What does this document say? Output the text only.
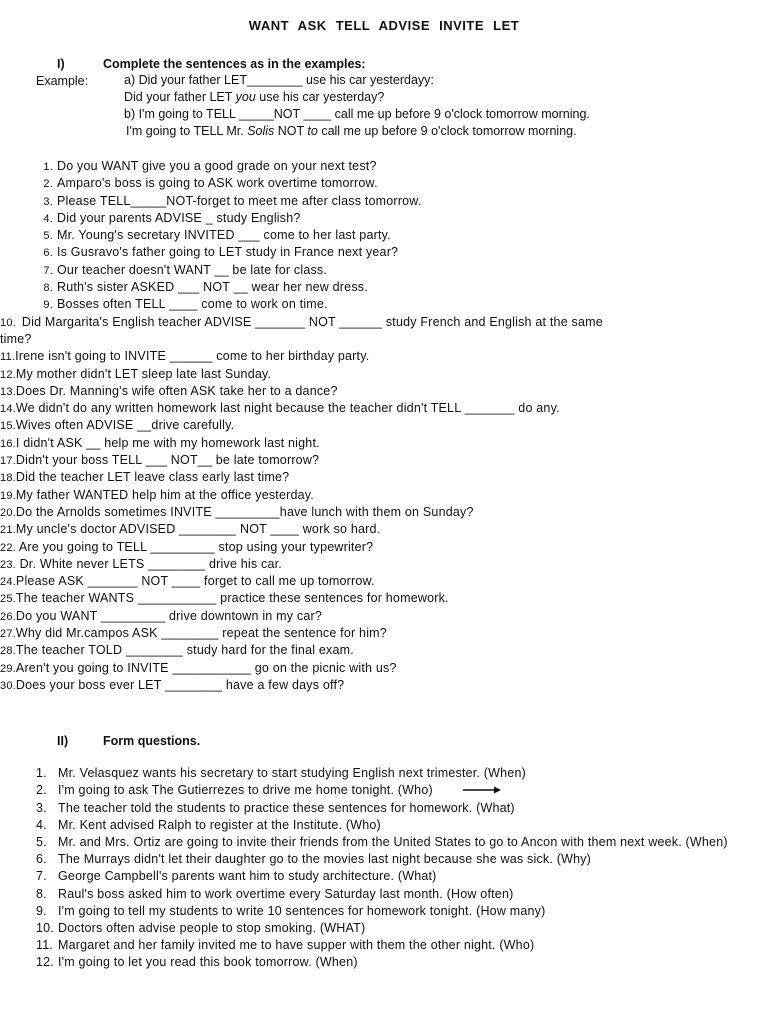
WANT ASK TELL ADVISE INVITE LET
I)	Complete the sentences as in the examples:
Example:	a) Did your father LET________ use his car yesterdayy:
Did your father LET you use his car yesterday?
b) I'm going to TELL _____NOT ____ call me up before 9 o'clock tomorrow morning.
I'm going to TELL Mr. Solis NOT to call me up before 9 o'clock tomorrow morning.
1. Do you WANT give you a good grade on your next test?
2. Amparo's boss is going to ASK work overtime tomorrow.
3. Please TELL_____NOT-forget to meet me after class tomorrow.
4. Did your parents ADVISE _ study English?
5. Mr. Young's secretary INVITED ___ come to her last party.
6. Is Gusravo's father going to LET study in France next year?
7. Our teacher doesn't WANT __ be late for class.
8. Ruth's sister ASKED ___ NOT __ wear her new dress.
9. Bosses often TELL ____ come to work on time.
10. Did Margarita's English teacher ADVISE _______ NOT ______ study French and English at the same
time?
11.Irene isn't going to INVITE ______ come to her birthday party.
12.My mother didn't LET sleep late last Sunday.
13.Does Dr. Manning's wife often ASK take her to a dance?
14.We didn't do any written homework last night because the teacher didn't TELL _______ do any.
15.Wives often ADVISE __drive carefully.
16.I didn't ASK __ help me with my homework last night.
17.Didn't your boss TELL ___ NOT__ be late tomorrow?
18.Did the teacher LET leave class early last time?
19.My father WANTED help him at the office yesterday.
20.Do the Arnolds sometimes INVITE _________have lunch with them on Sunday?
21.My uncle's doctor ADVISED ________ NOT ____ work so hard.
22. Are you going to TELL _________ stop using your typewriter?
23. Dr. White never LETS ________ drive his car.
24.Please ASK _______ NOT ____ forget to call me up tomorrow.
25.The teacher WANTS ___________ practice these sentences for homework.
26.Do you WANT _________ drive downtown in my car?
27.Why did Mr.campos ASK ________ repeat the sentence for him?
28.The teacher TOLD ________ study hard for the final exam.
29.Aren't you going to INVITE ___________ go on the picnic with us?
30.Does your boss ever LET ________ have a few days off?
II)	Form questions.
1. Mr. Velasquez wants his secretary to start studying English next trimester. (When)
2. I'm going to ask The Gutierrezes to drive me home tonight. (Who)
3. The teacher told the students to practice these sentences for homework. (What)
4. Mr. Kent advised Ralph to register at the Institute. (Who)
5. Mr. and Mrs. Ortiz are going to invite their friends from the United States to go to Ancon with them next week. (When)
6. The Murrays didn't let their daughter go to the movies last night because she was sick. (Why)
7. George Campbell's parents want him to study architecture. (What)
8. Raul's boss asked him to work overtime every Saturday last month. (How often)
9. I'm going to tell my students to write 10 sentences for homework tonight. (How many)
10. Doctors often advise people to stop smoking. (WHAT)
11. Margaret and her family invited me to have supper with them the other night. (Who)
12. I'm going to let you read this book tomorrow. (When)
